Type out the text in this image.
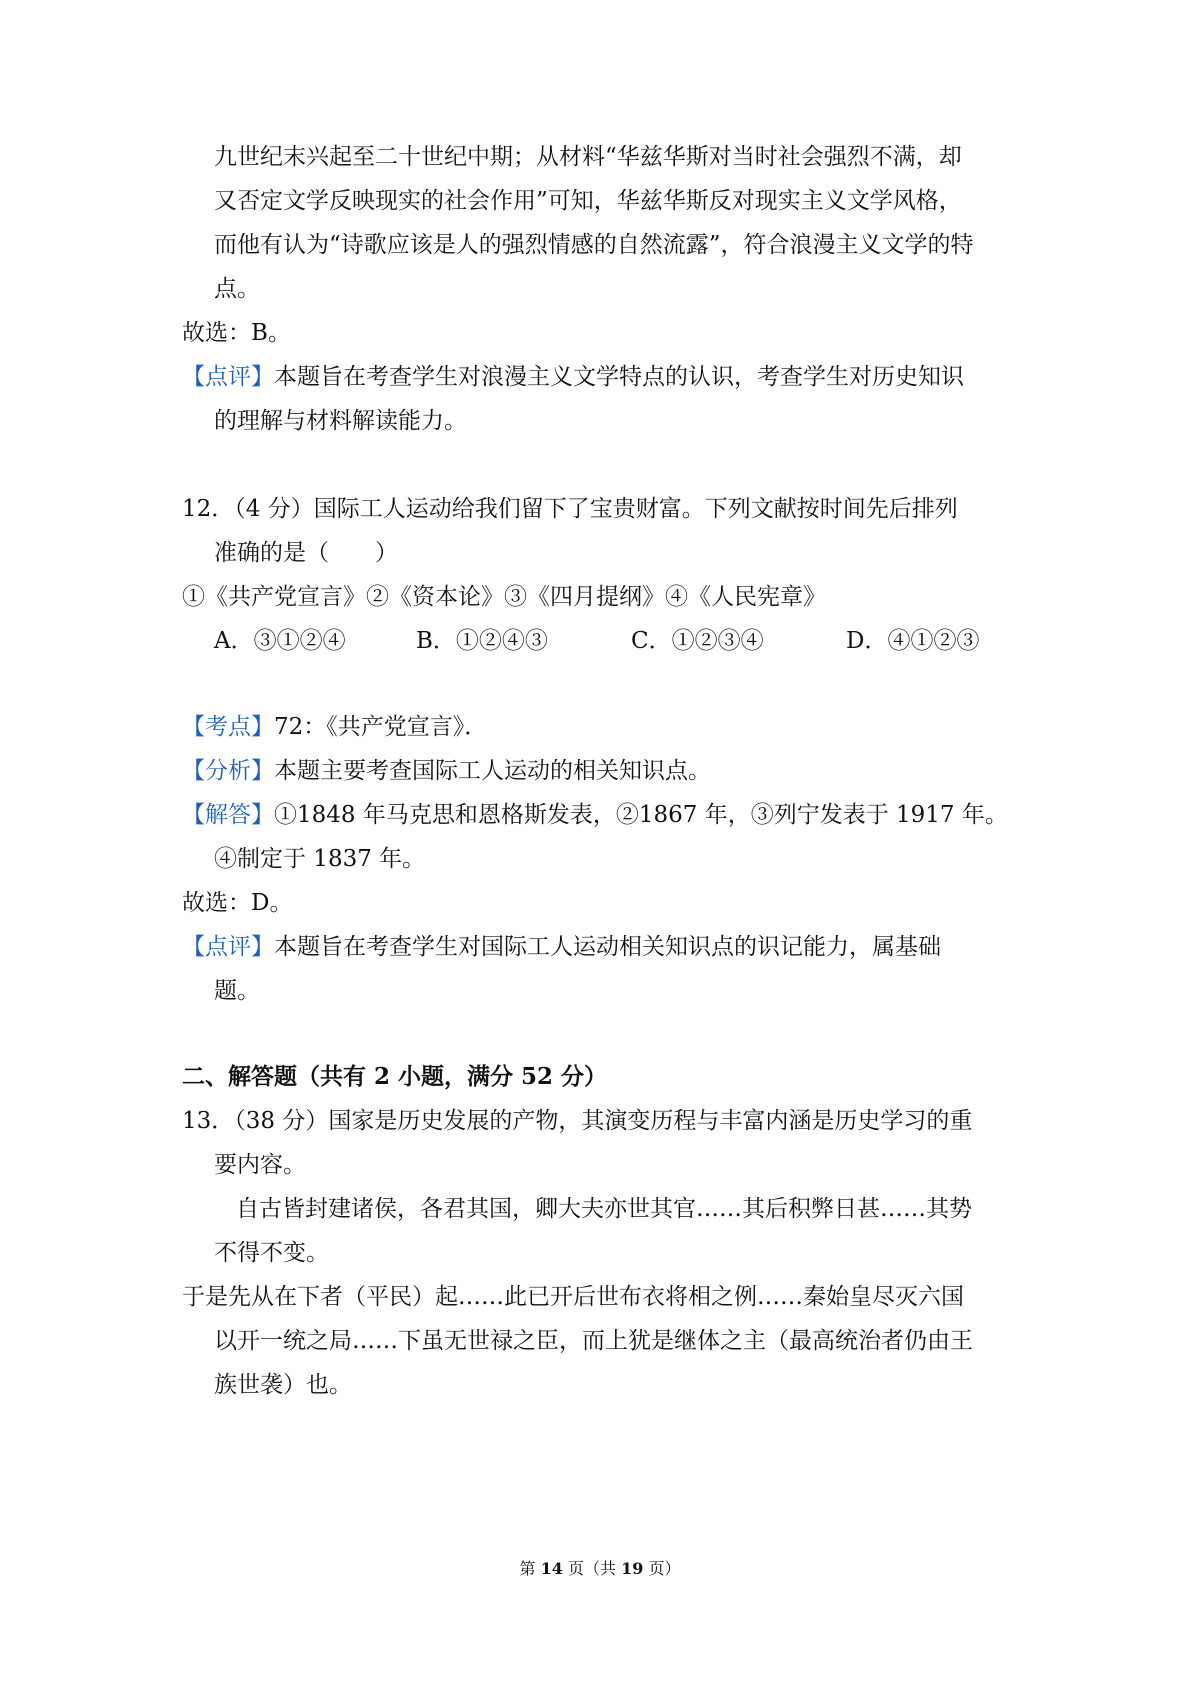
九世纪末兴起至二十世纪中期；从材料“华兹华斯对当时社会强烈不满，却
又否定文学反映现实的社会作用”可知，华兹华斯反对现实主义文学风格，
而他有认为“诗歌应该是人的强烈情感的自然流露”，符合浪漫主义文学的特
点。
故选：B。
【点评】本题旨在考查学生对浪漫主义文学特点的认识，考查学生对历史知识
的理解与材料解读能力。
12．（4 分）国际工人运动给我们留下了宝贵财富。下列文献按时间先后排列
准确的是（　　）
①《共产党宣言》②《资本论》③《四月提纲》④《人民宪章》
A．③①②④	B．①②④③	C．①②③④	D．④①②③
【考点】72：《共产党宣言》．
【分析】本题主要考查国际工人运动的相关知识点。
【解答】①1848 年马克思和恩格斯发表，②1867 年，③列宁发表于 1917 年。
④制定于 1837 年。
故选：D。
【点评】本题旨在考查学生对国际工人运动相关知识点的识记能力，属基础
题。
二、解答题（共有 2 小题，满分 52 分）
13．（38 分）国家是历史发展的产物，其演变历程与丰富内涵是历史学习的重
要内容。
自古皆封建诸侯，各君其国，卿大夫亦世其官……其后积弊日甚……其势
不得不变。
于是先从在下者（平民）起……此已开后世布衣将相之例……秦始皇尽灭六国
以开一统之局……下虽无世禄之臣，而上犹是继体之主（最高统治者仍由王
族世袭）也。
第 14 页（共 19 页）
